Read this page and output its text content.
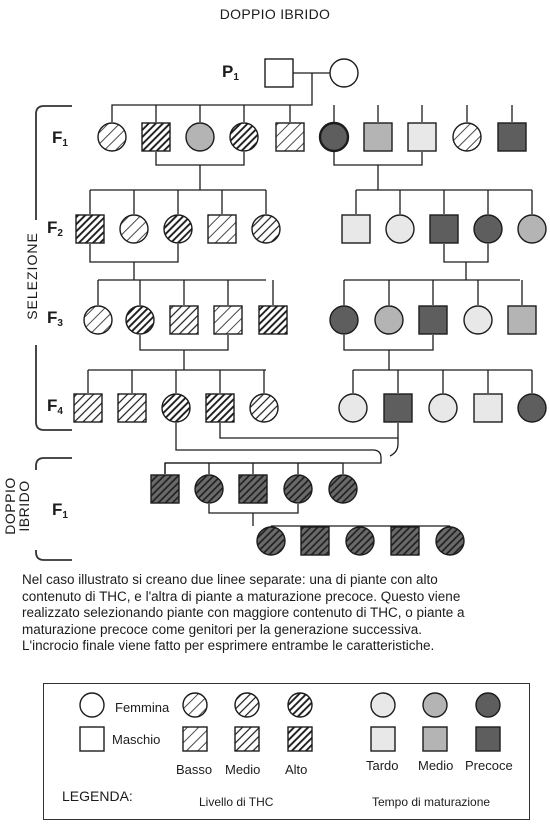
DOPPIO IBRIDO
$P_1$
$F_1$
$F_2$
$F_3$
$F_4$
$F_1$
SELEZIONE
DOPPIO
IBRIDO
Nel caso illustrato si creano due linee separate: una di piante con alto
contenuto di THC, e l'altra di piante a maturazione precoce. Questo viene
realizzato selezionando piante con maggiore contenuto di THC, o piante a
maturazione precoce come genitori per la generazione successiva.
L'incrocio finale viene fatto per esprimere entrambe le caratteristiche.
Femmina
Maschio
Basso Medio Alto	Tardo Medio Precoce
LEGENDA:	Livello di THC	Tempo di maturazione
